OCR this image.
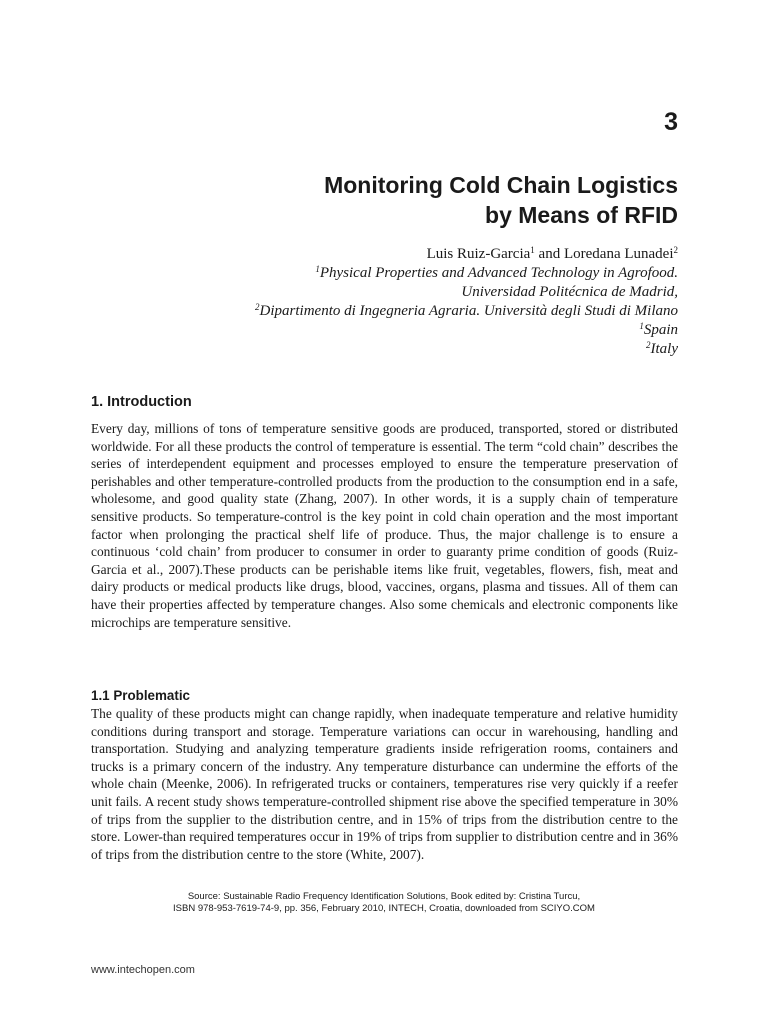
3
Monitoring Cold Chain Logistics
by Means of RFID
Luis Ruiz-Garcia$^1$ and Loredana Lunadei$^2$
$^1$Physical Properties and Advanced Technology in Agrofood.
Universidad Politécnica de Madrid,
$^2$Dipartimento di Ingegneria Agraria. Università degli Studi di Milano
$^1$Spain
$^2$Italy
1. Introduction
Every day, millions of tons of temperature sensitive goods are produced, transported, stored or distributed worldwide. For all these products the control of temperature is essential. The term “cold chain” describes the series of interdependent equipment and processes employed to ensure the temperature preservation of perishables and other temperature-controlled products from the production to the consumption end in a safe, wholesome, and good quality state (Zhang, 2007). In other words, it is a supply chain of temperature sensitive products. So temperature-control is the key point in cold chain operation and the most important factor when prolonging the practical shelf life of produce. Thus, the major challenge is to ensure a continuous ‘cold chain’ from producer to consumer in order to guaranty prime condition of goods (Ruiz-Garcia et al., 2007).These products can be perishable items like fruit, vegetables, flowers, fish, meat and dairy products or medical products like drugs, blood, vaccines, organs, plasma and tissues. All of them can have their properties affected by temperature changes. Also some chemicals and electronic components like microchips are temperature sensitive.
1.1 Problematic
The quality of these products might can change rapidly, when inadequate temperature and relative humidity conditions during transport and storage. Temperature variations can occur in warehousing, handling and transportation. Studying and analyzing temperature gradients inside refrigeration rooms, containers and trucks is a primary concern of the industry. Any temperature disturbance can undermine the efforts of the whole chain (Meenke, 2006). In refrigerated trucks or containers, temperatures rise very quickly if a reefer unit fails. A recent study shows temperature-controlled shipment rise above the specified temperature in 30% of trips from the supplier to the distribution centre, and in 15% of trips from the distribution centre to the store. Lower-than required temperatures occur in 19% of trips from supplier to distribution centre and in 36% of trips from the distribution centre to the store (White, 2007).
Source: Sustainable Radio Frequency Identification Solutions, Book edited by: Cristina Turcu,
ISBN 978-953-7619-74-9, pp. 356, February 2010, INTECH, Croatia, downloaded from SCIYO.COM
www.intechopen.com
